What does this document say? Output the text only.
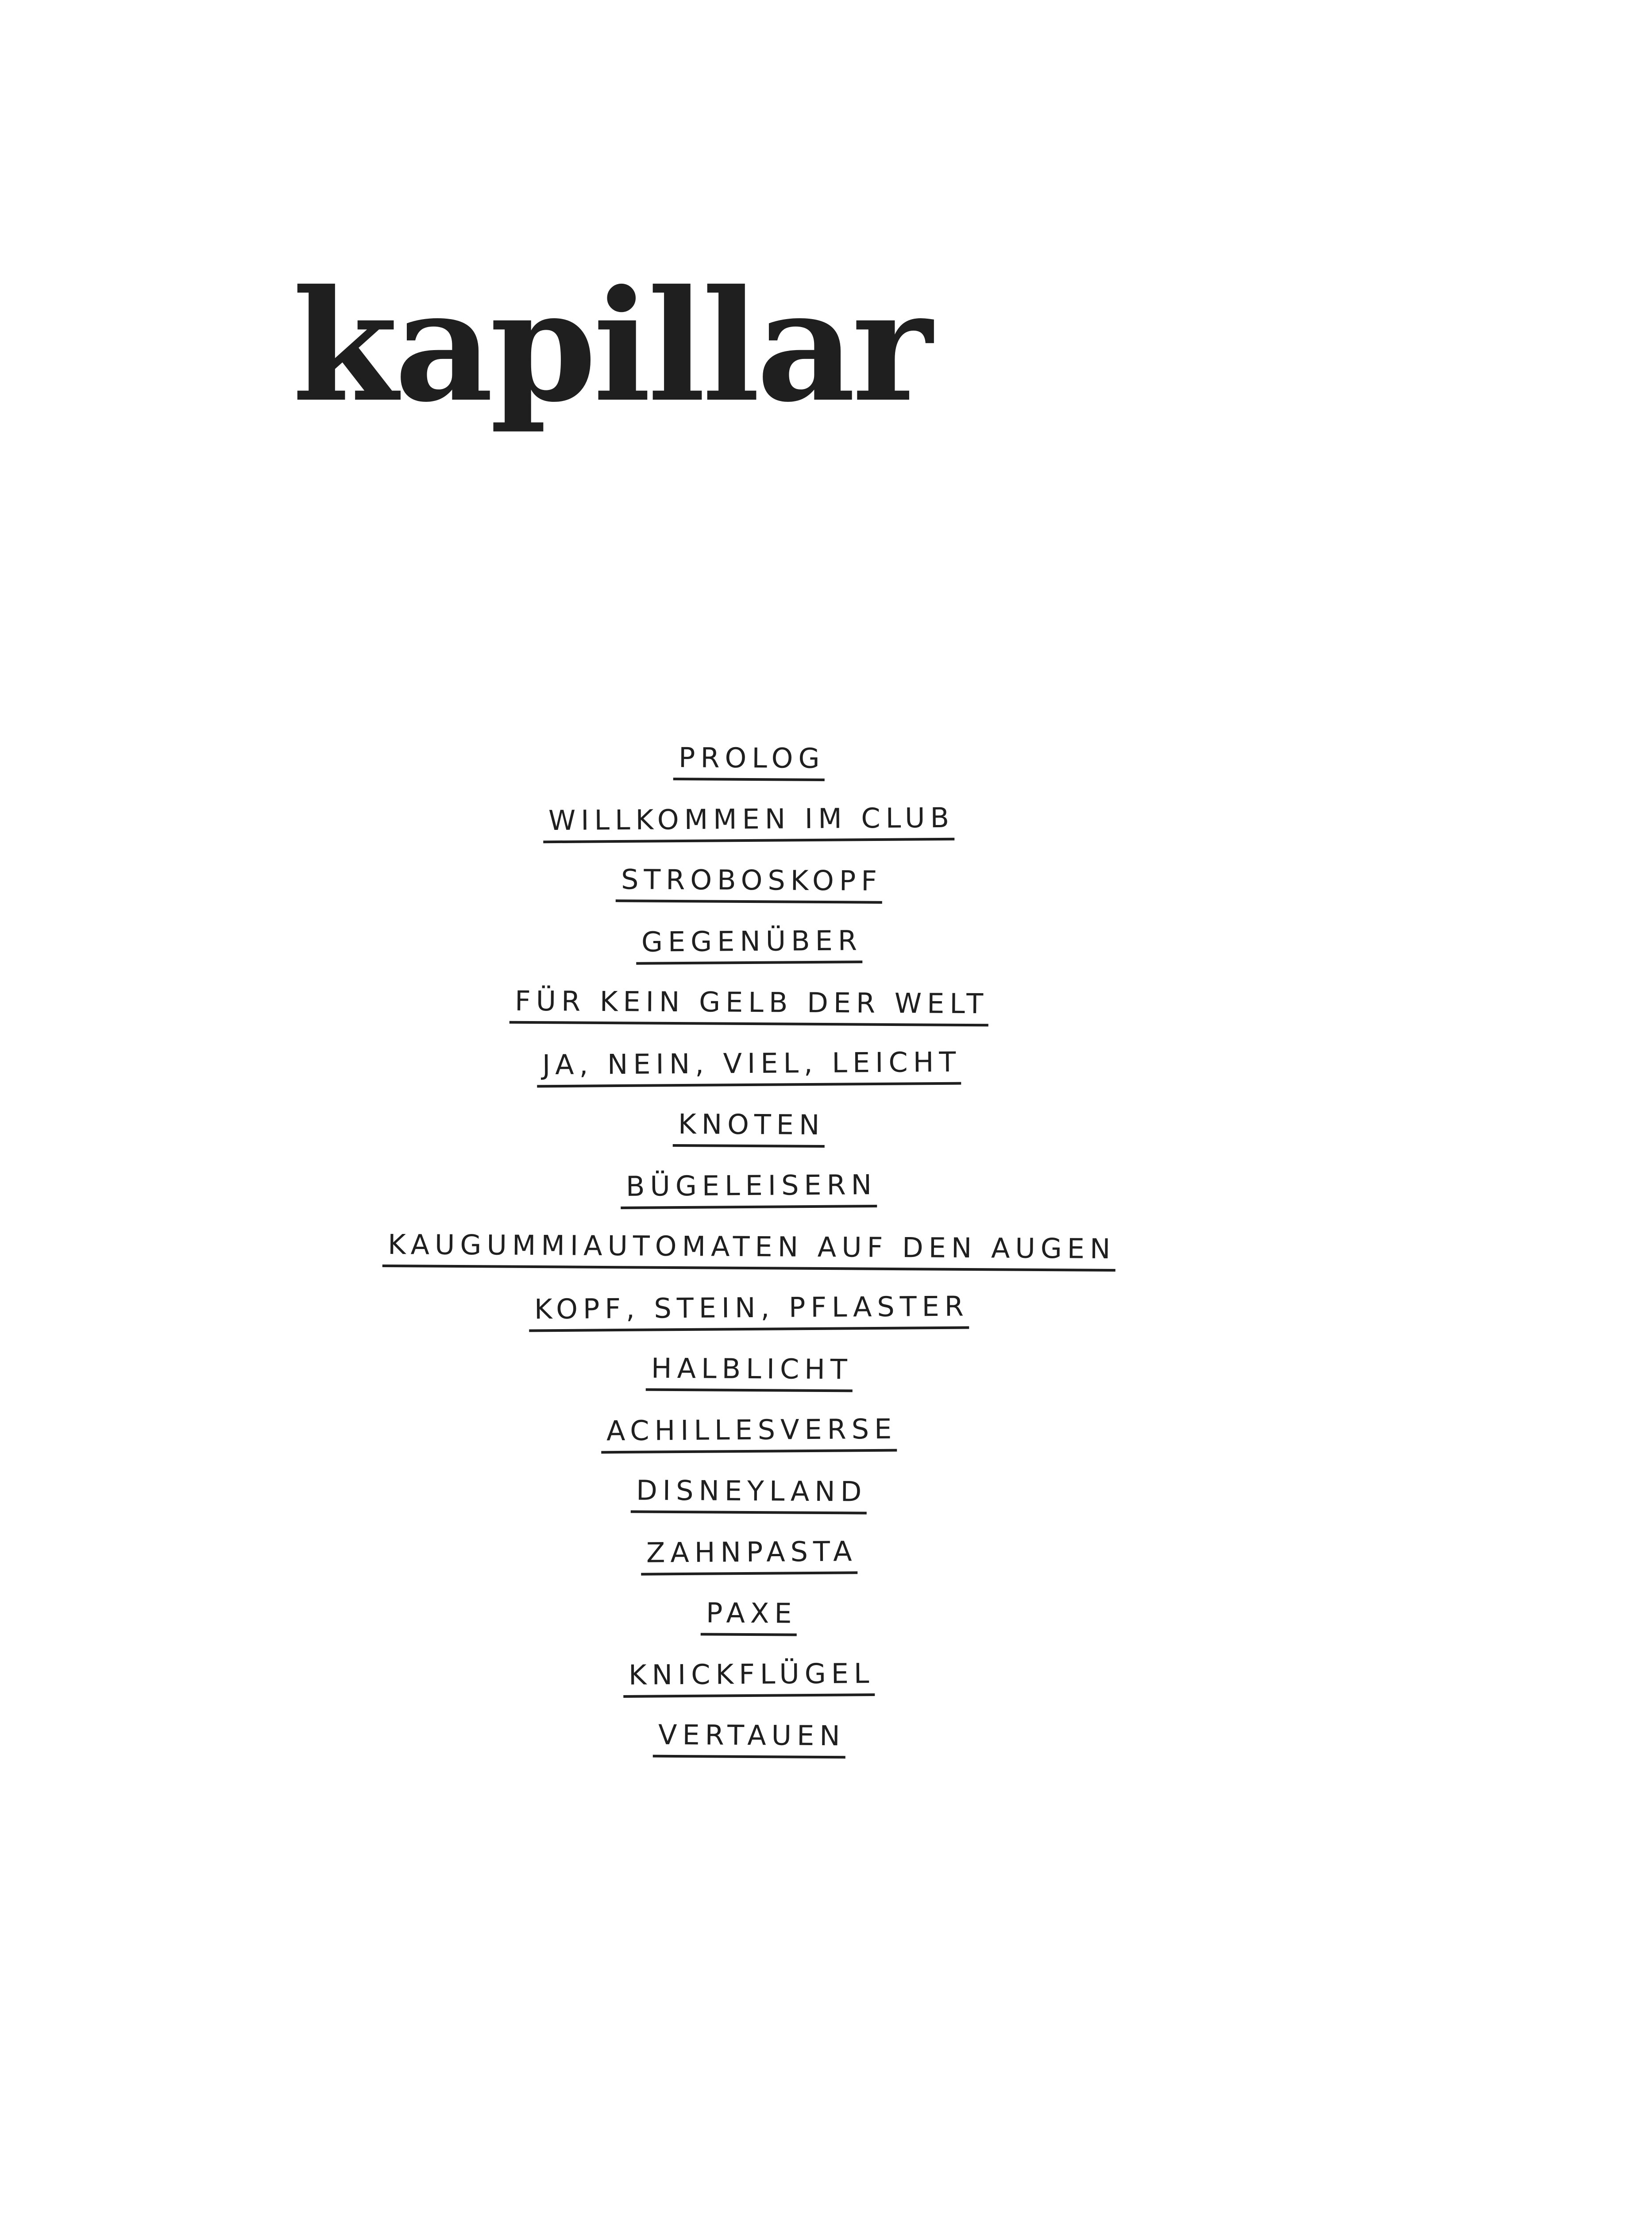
kapillar
PROLOG
WILLKOMMEN IM CLUB
STROBOSKOPF
GEGENÜBER
FÜR KEIN GELB DER WELT
JA, NEIN, VIEL, LEICHT
KNOTEN
BÜGELEISERN
KAUGUMMIAUTOMATEN AUF DEN AUGEN
KOPF, STEIN, PFLASTER
HALBLICHT
ACHILLESVERSE
DISNEYLAND
ZAHNPASTA
PAXE
KNICKFLÜGEL
VERTAUEN
